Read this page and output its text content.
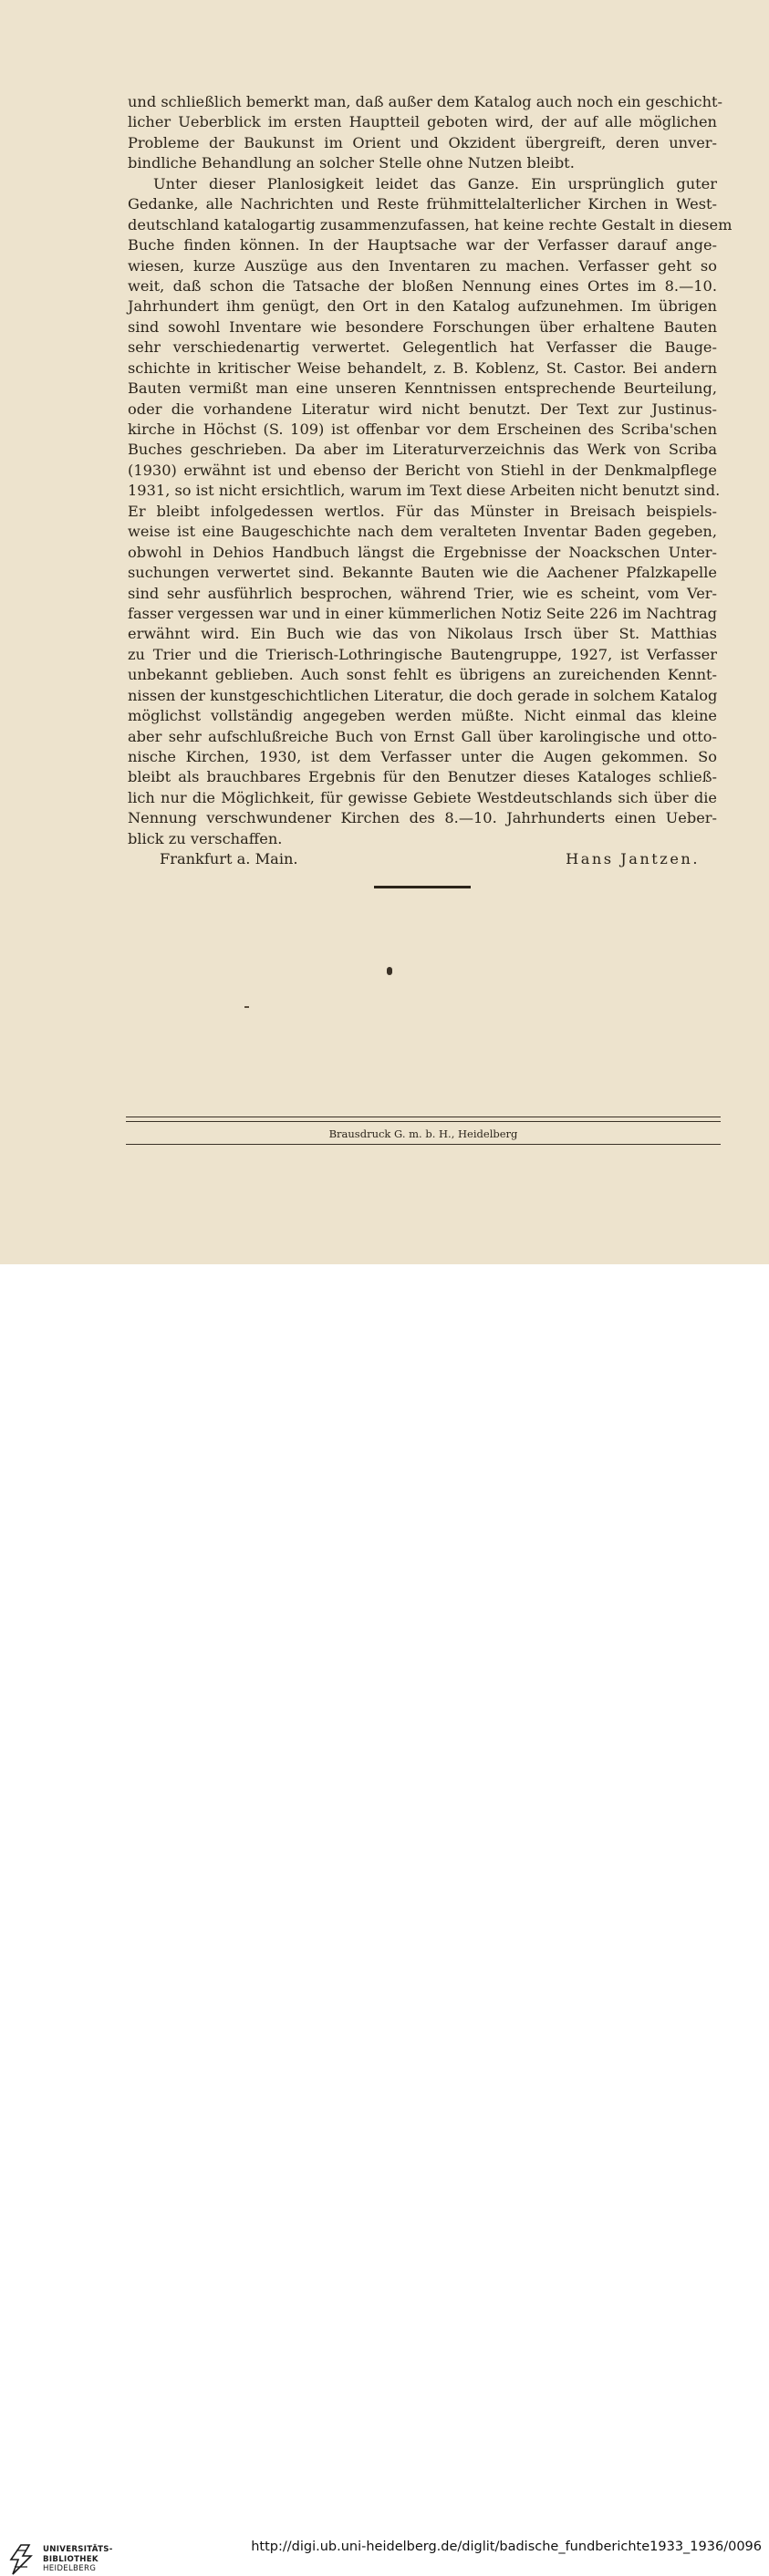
und schließlich bemerkt man, daß außer dem Katalog auch noch ein geschicht-
licher Ueberblick im ersten Hauptteil geboten wird, der auf alle möglichen
Probleme der Baukunst im Orient und Okzident übergreift, deren unver-
bindliche Behandlung an solcher Stelle ohne Nutzen bleibt.
Unter dieser Planlosigkeit leidet das Ganze. Ein ursprünglich guter
Gedanke, alle Nachrichten und Reste frühmittelalterlicher Kirchen in West-
deutschland katalogartig zusammenzufassen, hat keine rechte Gestalt in diesem
Buche finden können. In der Hauptsache war der Verfasser darauf ange-
wiesen, kurze Auszüge aus den Inventaren zu machen. Verfasser geht so
weit, daß schon die Tatsache der bloßen Nennung eines Ortes im 8.—10.
Jahrhundert ihm genügt, den Ort in den Katalog aufzunehmen. Im übrigen
sind sowohl Inventare wie besondere Forschungen über erhaltene Bauten
sehr verschiedenartig verwertet. Gelegentlich hat Verfasser die Bauge-
schichte in kritischer Weise behandelt, z. B. Koblenz, St. Castor. Bei andern
Bauten vermißt man eine unseren Kenntnissen entsprechende Beurteilung,
oder die vorhandene Literatur wird nicht benutzt. Der Text zur Justinus-
kirche in Höchst (S. 109) ist offenbar vor dem Erscheinen des Scriba'schen
Buches geschrieben. Da aber im Literaturverzeichnis das Werk von Scriba
(1930) erwähnt ist und ebenso der Bericht von Stiehl in der Denkmalpflege
1931, so ist nicht ersichtlich, warum im Text diese Arbeiten nicht benutzt sind.
Er bleibt infolgedessen wertlos. Für das Münster in Breisach beispiels-
weise ist eine Baugeschichte nach dem veralteten Inventar Baden gegeben,
obwohl in Dehios Handbuch längst die Ergebnisse der Noackschen Unter-
suchungen verwertet sind. Bekannte Bauten wie die Aachener Pfalzkapelle
sind sehr ausführlich besprochen, während Trier, wie es scheint, vom Ver-
fasser vergessen war und in einer kümmerlichen Notiz Seite 226 im Nachtrag
erwähnt wird. Ein Buch wie das von Nikolaus Irsch über St. Matthias
zu Trier und die Trierisch-Lothringische Bautengruppe, 1927, ist Verfasser
unbekannt geblieben. Auch sonst fehlt es übrigens an zureichenden Kennt-
nissen der kunstgeschichtlichen Literatur, die doch gerade in solchem Katalog
möglichst vollständig angegeben werden müßte. Nicht einmal das kleine
aber sehr aufschlußreiche Buch von Ernst Gall über karolingische und otto-
nische Kirchen, 1930, ist dem Verfasser unter die Augen gekommen. So
bleibt als brauchbares Ergebnis für den Benutzer dieses Kataloges schließ-
lich nur die Möglichkeit, für gewisse Gebiete Westdeutschlands sich über die
Nennung verschwundener Kirchen des 8.—10. Jahrhunderts einen Ueber-
blick zu verschaffen.
Frankfurt a. Main.	Hans Jantzen.
Brausdruck G. m. b. H., Heidelberg
UNIVERSITÄTS-
BIBLIOTHEK
HEIDELBERG
http://digi.ub.uni-heidelberg.de/diglit/badische_fundberichte1933_1936/0096
